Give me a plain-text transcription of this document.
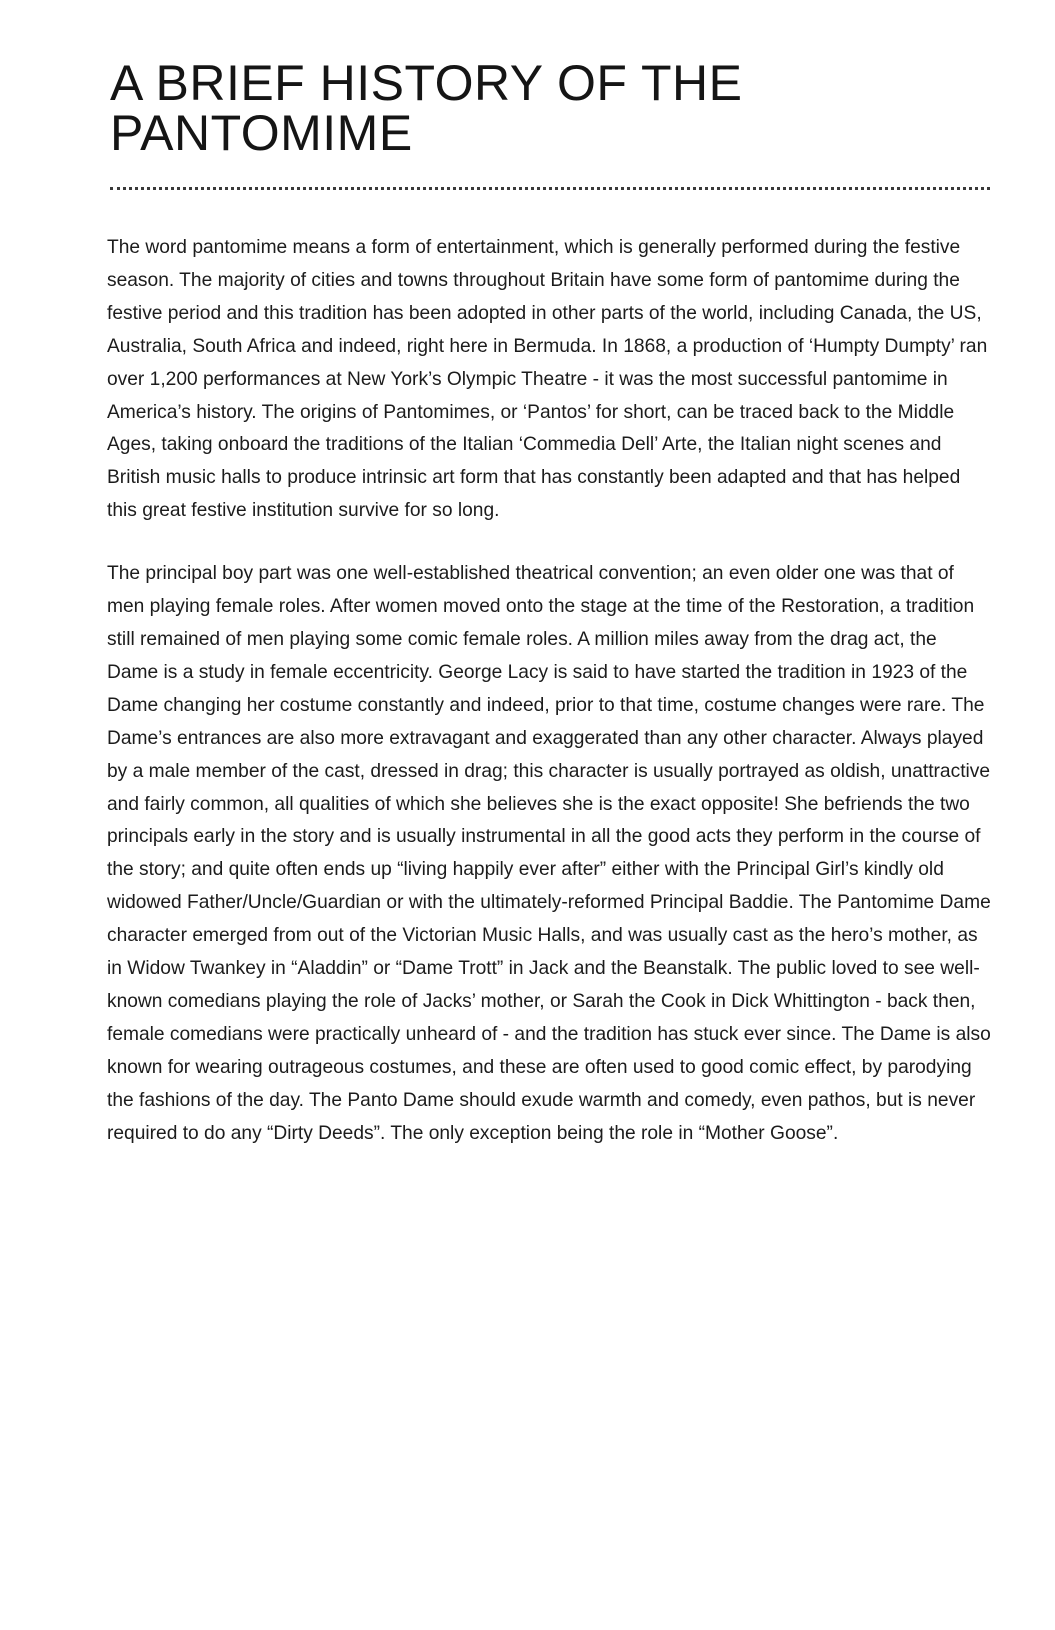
A BRIEF HISTORY OF THE
PANTOMIME

The word pantomime means a form of entertainment, which is generally performed during the festive season. The majority of cities and towns throughout Britain have some form of pantomime during the festive period and this tradition has been adopted in other parts of the world, including Canada, the US, Australia, South Africa and indeed, right here in Bermuda. In 1868, a production of ‘Humpty Dumpty’ ran over 1,200 performances at New York’s Olympic Theatre - it was the most successful pantomime in America’s history. The origins of Pantomimes, or ‘Pantos’ for short, can be traced back to the Middle Ages, taking onboard the traditions of the Italian ‘Commedia Dell’ Arte, the Italian night scenes and British music halls to produce intrinsic art form that has constantly been adapted and that has helped this great festive institution survive for so long.

The principal boy part was one well-established theatrical convention; an even older one was that of men playing female roles. After women moved onto the stage at the time of the Restoration, a tradition still remained of men playing some comic female roles. A million miles away from the drag act, the Dame is a study in female eccentricity. George Lacy is said to have started the tradition in 1923 of the Dame changing her costume constantly and indeed, prior to that time, costume changes were rare. The Dame’s entrances are also more extravagant and exaggerated than any other character. Always played by a male member of the cast, dressed in drag; this character is usually portrayed as oldish, unattractive and fairly common, all qualities of which she believes she is the exact opposite! She befriends the two principals early in the story and is usually instrumental in all the good acts they perform in the course of the story; and quite often ends up “living happily ever after” either with the Principal Girl’s kindly old widowed Father/Uncle/Guardian or with the ultimately-reformed Principal Baddie. The Pantomime Dame character emerged from out of the Victorian Music Halls, and was usually cast as the hero’s mother, as in Widow Twankey in “Aladdin” or “Dame Trott” in Jack and the Beanstalk. The public loved to see well-known comedians playing the role of Jacks’ mother, or Sarah the Cook in Dick Whittington - back then, female comedians were practically unheard of - and the tradition has stuck ever since. The Dame is also known for wearing outrageous costumes, and these are often used to good comic effect, by parodying the fashions of the day. The Panto Dame should exude warmth and comedy, even pathos, but is never required to do any “Dirty Deeds”. The only exception being the role in “Mother Goose”.
